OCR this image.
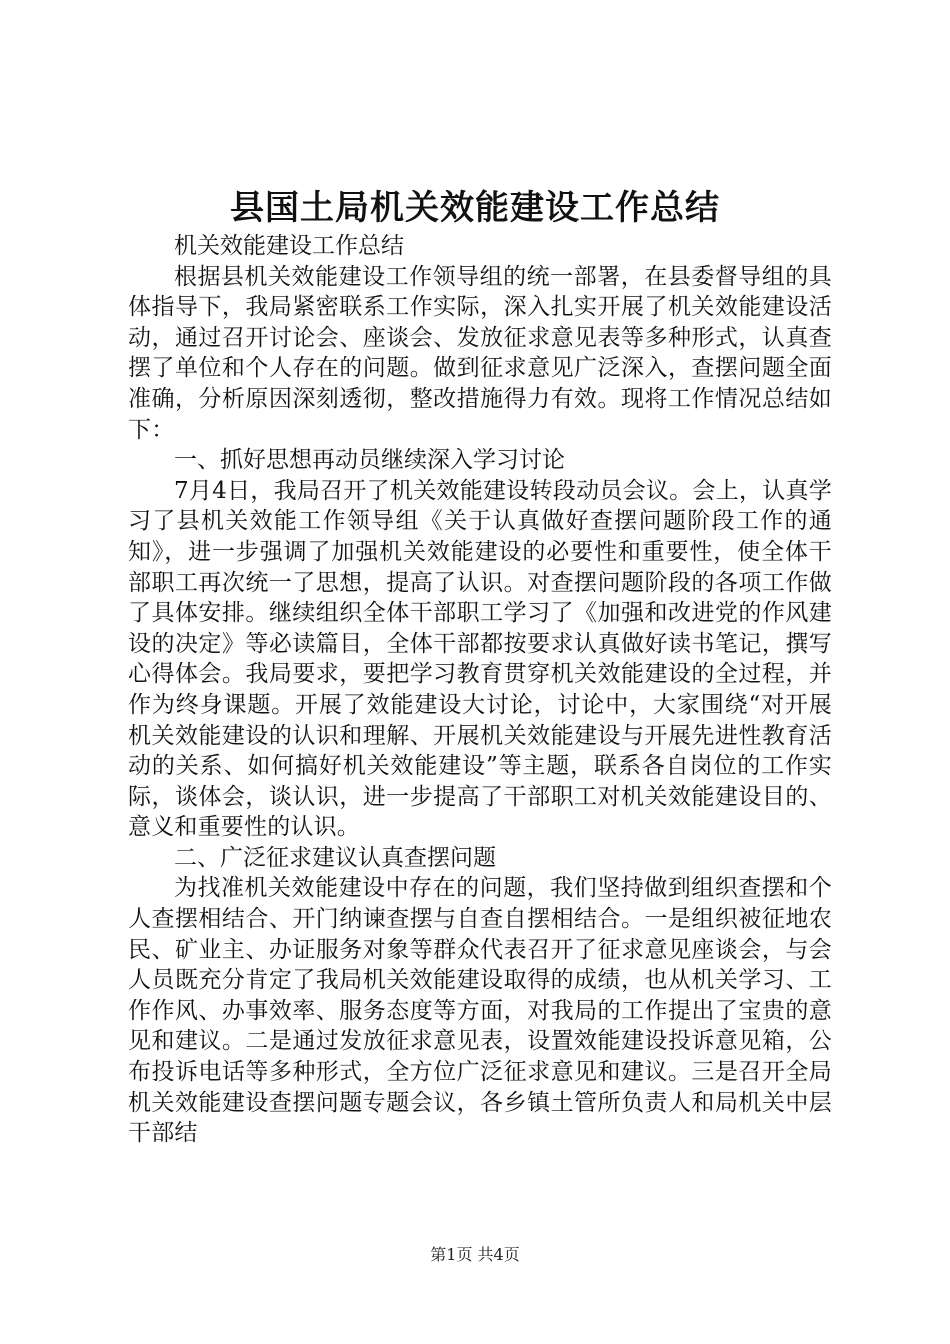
县国土局机关效能建设工作总结

机关效能建设工作总结

根据县机关效能建设工作领导组的统一部署，在县委督导组的具体指导下，我局紧密联系工作实际，深入扎实开展了机关效能建设活动，通过召开讨论会、座谈会、发放征求意见表等多种形式，认真查摆了单位和个人存在的问题。做到征求意见广泛深入，查摆问题全面准确，分析原因深刻透彻，整改措施得力有效。现将工作情况总结如下：

一、抓好思想再动员继续深入学习讨论

7月4日，我局召开了机关效能建设转段动员会议。会上，认真学习了县机关效能工作领导组《关于认真做好查摆问题阶段工作的通知》，进一步强调了加强机关效能建设的必要性和重要性，使全体干部职工再次统一了思想，提高了认识。对查摆问题阶段的各项工作做了具体安排。继续组织全体干部职工学习了《加强和改进党的作风建设的决定》等必读篇目，全体干部都按要求认真做好读书笔记，撰写心得体会。我局要求，要把学习教育贯穿机关效能建设的全过程，并作为终身课题。开展了效能建设大讨论，讨论中，大家围绕“对开展机关效能建设的认识和理解、开展机关效能建设与开展先进性教育活动的关系、如何搞好机关效能建设”等主题，联系各自岗位的工作实际，谈体会，谈认识，进一步提高了干部职工对机关效能建设目的、意义和重要性的认识。

二、广泛征求建议认真查摆问题

为找准机关效能建设中存在的问题，我们坚持做到组织查摆和个人查摆相结合、开门纳谏查摆与自查自摆相结合。一是组织被征地农民、矿业主、办证服务对象等群众代表召开了征求意见座谈会，与会人员既充分肯定了我局机关效能建设取得的成绩，也从机关学习、工作作风、办事效率、服务态度等方面，对我局的工作提出了宝贵的意见和建议。二是通过发放征求意见表，设置效能建设投诉意见箱，公布投诉电话等多种形式，全方位广泛征求意见和建议。三是召开全局机关效能建设查摆问题专题会议，各乡镇土管所负责人和局机关中层干部结

第1页 共4页
